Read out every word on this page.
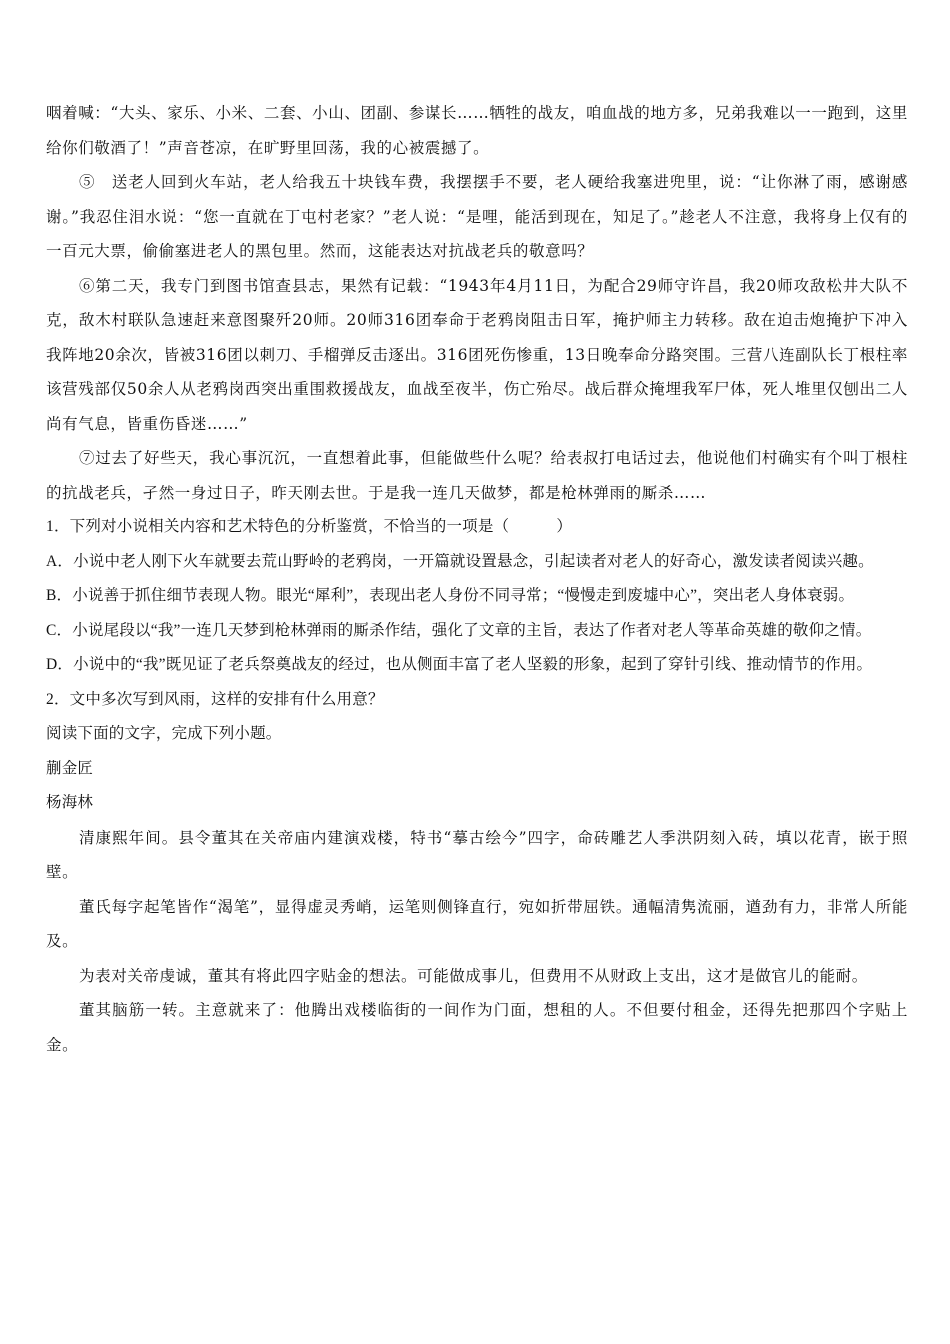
咽着喊：“大头、家乐、小米、二套、小山、团副、参谋长……牺牲的战友，咱血战的地方多，兄弟我难以一一跑到，这里给你们敬酒了！”声音苍凉，在旷野里回荡，我的心被震撼了。

⑤　送老人回到火车站，老人给我五十块钱车费，我摆摆手不要，老人硬给我塞进兜里，说：“让你淋了雨，感谢感谢。”我忍住泪水说：“您一直就在丁屯村老家？”老人说：“是哩，能活到现在，知足了。”趁老人不注意，我将身上仅有的一百元大票，偷偷塞进老人的黑包里。然而，这能表达对抗战老兵的敬意吗？

⑥第二天，我专门到图书馆查县志，果然有记载：“1943年4月11日，为配合29师守许昌，我20师攻敌松井大队不克，敌木村联队急速赶来意图聚歼20师。20师316团奉命于老鸦岗阻击日军，掩护师主力转移。敌在迫击炮掩护下冲入我阵地20余次，皆被316团以刺刀、手榴弹反击逐出。316团死伤惨重，13日晚奉命分路突围。三营八连副队长丁根柱率该营残部仅50余人从老鸦岗西突出重围救援战友，血战至夜半，伤亡殆尽。战后群众掩埋我军尸体，死人堆里仅刨出二人尚有气息，皆重伤昏迷……”

⑦过去了好些天，我心事沉沉，一直想着此事，但能做些什么呢？给表叔打电话过去，他说他们村确实有个叫丁根柱的抗战老兵，孑然一身过日子，昨天刚去世。于是我一连几天做梦，都是枪林弹雨的厮杀……

1．下列对小说相关内容和艺术特色的分析鉴赏，不恰当的一项是（　　　）

A．小说中老人刚下火车就要去荒山野岭的老鸦岗，一开篇就设置悬念，引起读者对老人的好奇心，激发读者阅读兴趣。

B．小说善于抓住细节表现人物。眼光“犀利”，表现出老人身份不同寻常；“慢慢走到废墟中心”，突出老人身体衰弱。

C．小说尾段以“我”一连几天梦到枪林弹雨的厮杀作结，强化了文章的主旨，表达了作者对老人等革命英雄的敬仰之情。

D．小说中的“我”既见证了老兵祭奠战友的经过，也从侧面丰富了老人坚毅的形象，起到了穿针引线、推动情节的作用。

2．文中多次写到风雨，这样的安排有什么用意？

阅读下面的文字，完成下列小题。

蒯金匠

杨海林

清康熙年间。县令董其在关帝庙内建演戏楼，特书“摹古绘今”四字，命砖雕艺人季洪阴刻入砖，填以花青，嵌于照壁。

董氏每字起笔皆作“渴笔”，显得虚灵秀峭，运笔则侧锋直行，宛如折带屈铁。通幅清隽流丽，遒劲有力，非常人所能及。

为表对关帝虔诚，董其有将此四字贴金的想法。可能做成事儿，但费用不从财政上支出，这才是做官儿的能耐。

董其脑筋一转。主意就来了：他腾出戏楼临街的一间作为门面，想租的人。不但要付租金，还得先把那四个字贴上金。
